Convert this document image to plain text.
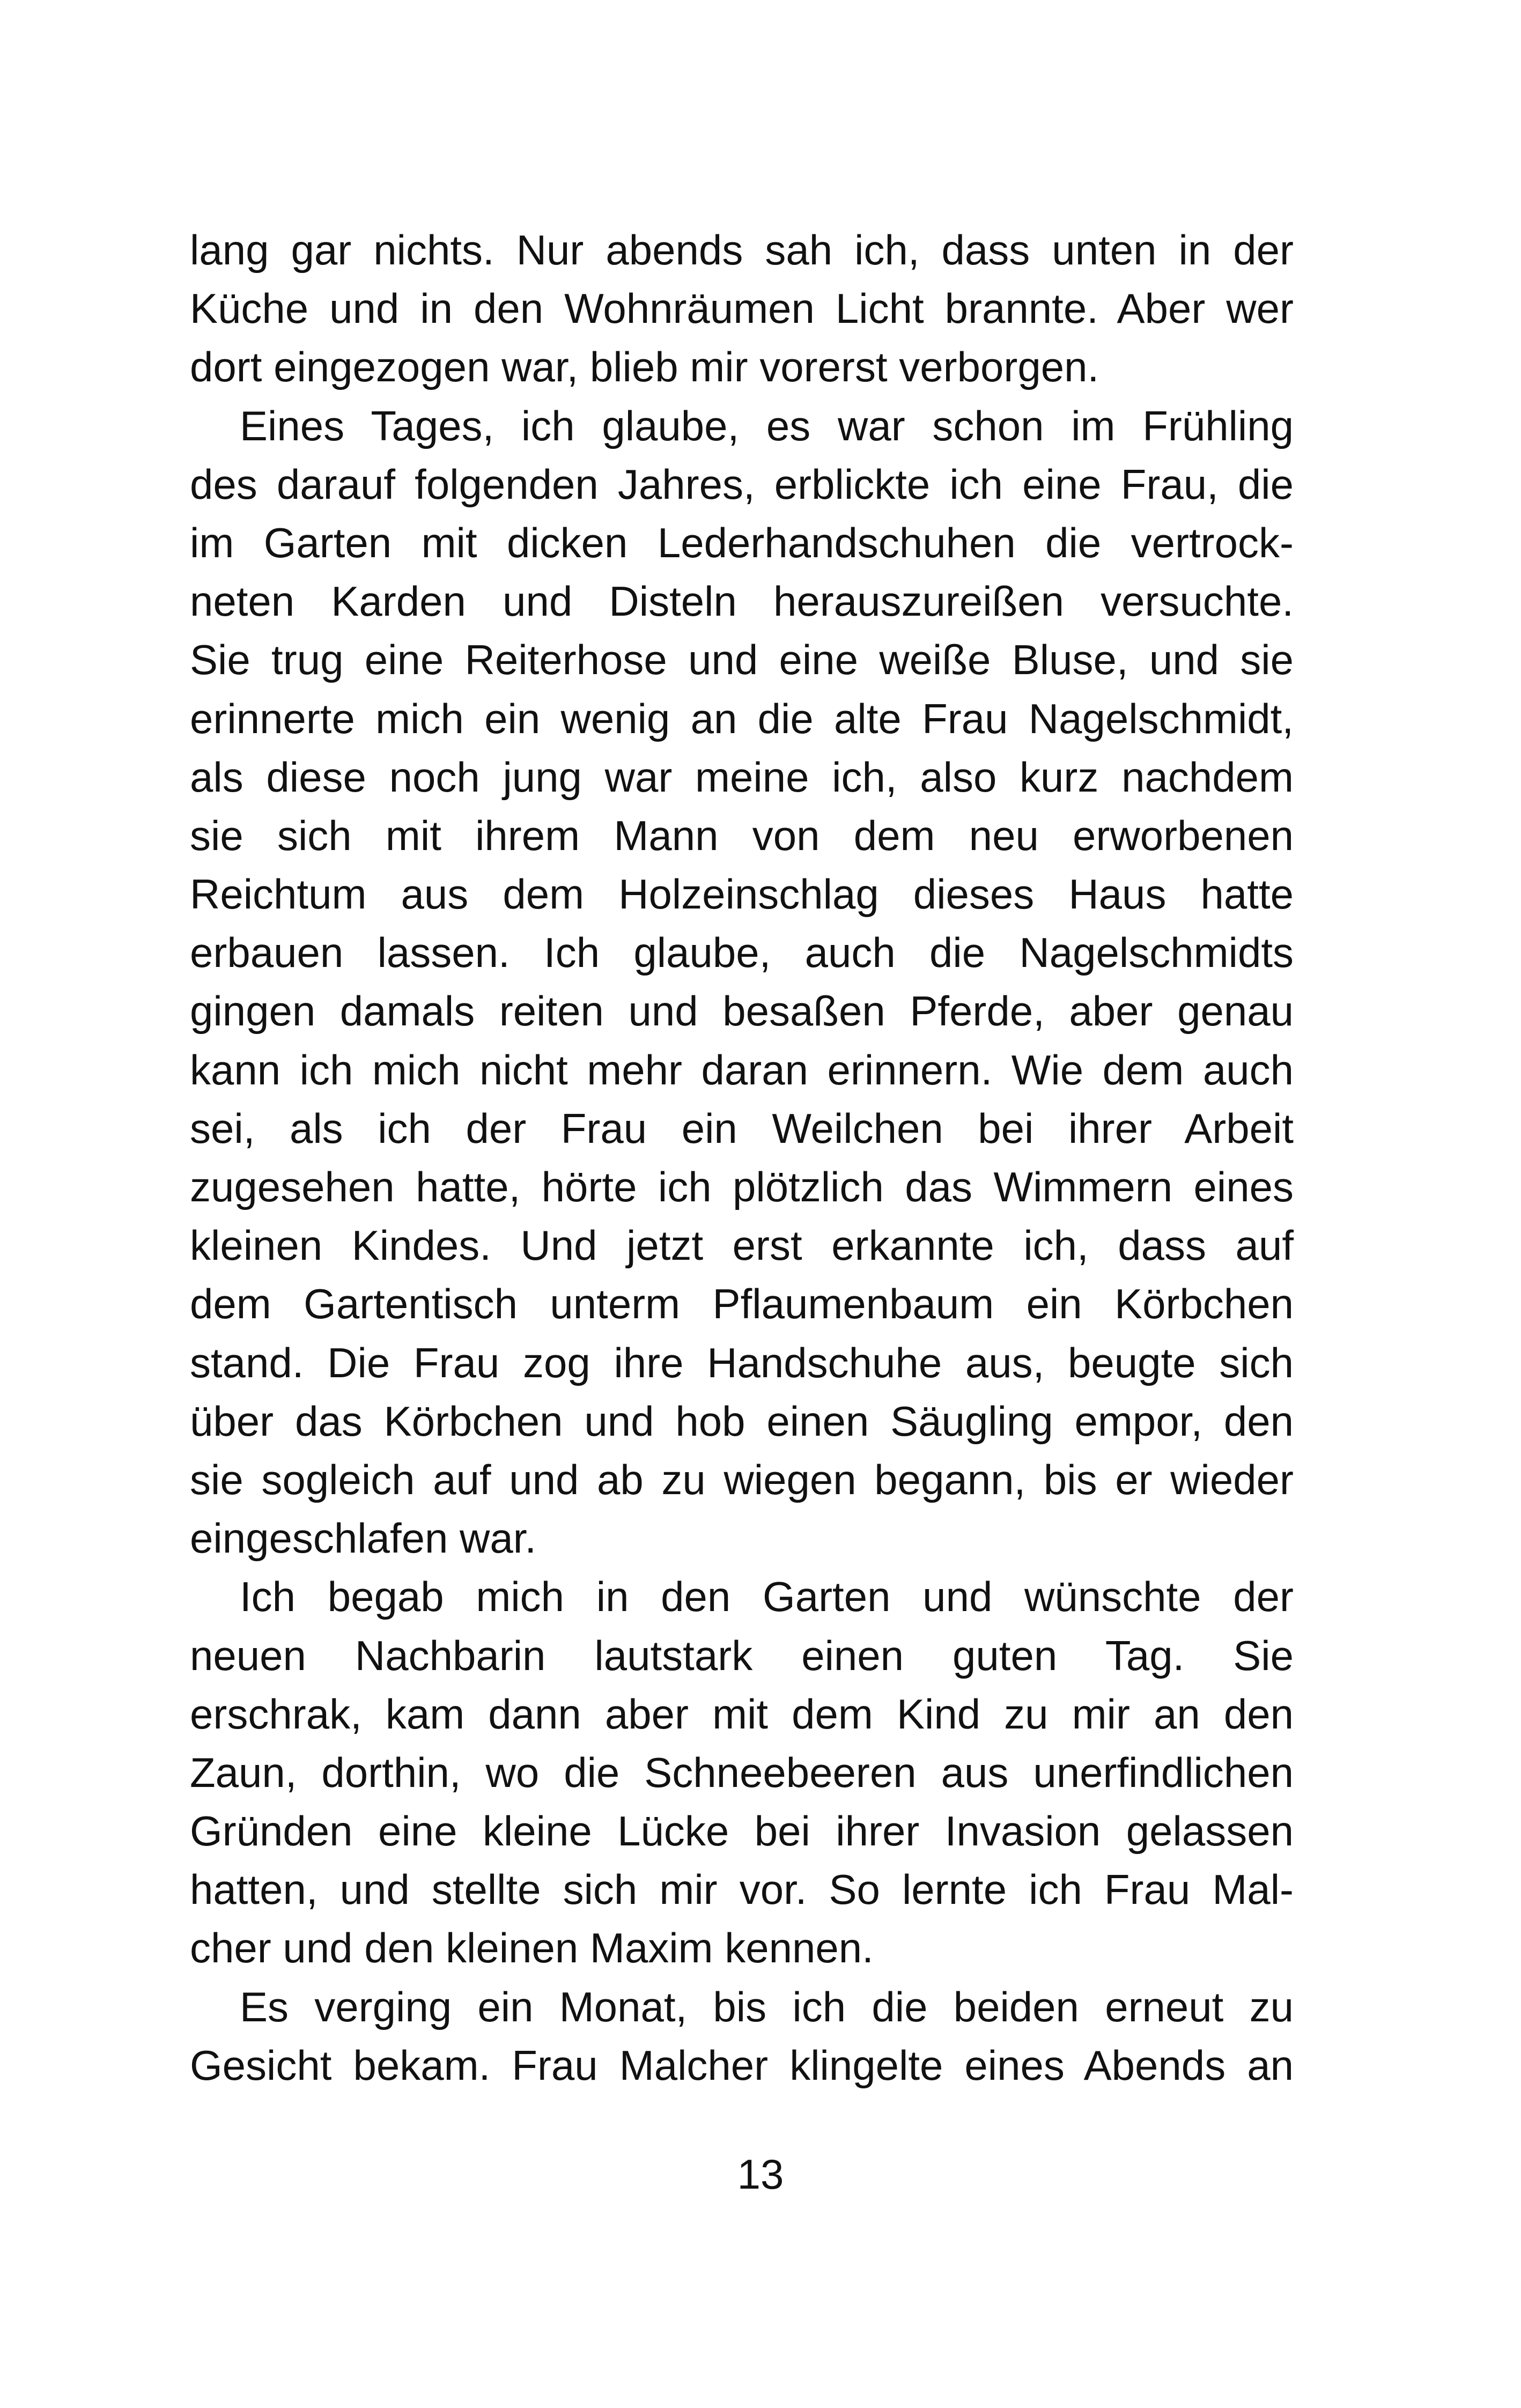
lang gar nichts. Nur abends sah ich, dass unten in der
Küche und in den Wohnräumen Licht brannte. Aber wer
dort eingezogen war, blieb mir vorerst verborgen.
Eines Tages, ich glaube, es war schon im Frühling
des darauf folgenden Jahres, erblickte ich eine Frau, die
im Garten mit dicken Lederhandschuhen die vertrock-
neten Karden und Disteln herauszureißen versuchte.
Sie trug eine Reiterhose und eine weiße Bluse, und sie
erinnerte mich ein wenig an die alte Frau Nagelschmidt,
als diese noch jung war meine ich, also kurz nachdem
sie sich mit ihrem Mann von dem neu erworbenen
Reichtum aus dem Holzeinschlag dieses Haus hatte
erbauen lassen. Ich glaube, auch die Nagelschmidts
gingen damals reiten und besaßen Pferde, aber genau
kann ich mich nicht mehr daran erinnern. Wie dem auch
sei, als ich der Frau ein Weilchen bei ihrer Arbeit
zugesehen hatte, hörte ich plötzlich das Wimmern eines
kleinen Kindes. Und jetzt erst erkannte ich, dass auf
dem Gartentisch unterm Pflaumenbaum ein Körbchen
stand. Die Frau zog ihre Handschuhe aus, beugte sich
über das Körbchen und hob einen Säugling empor, den
sie sogleich auf und ab zu wiegen begann, bis er wieder
eingeschlafen war.
Ich begab mich in den Garten und wünschte der
neuen Nachbarin lautstark einen guten Tag. Sie
erschrak, kam dann aber mit dem Kind zu mir an den
Zaun, dorthin, wo die Schneebeeren aus unerfindlichen
Gründen eine kleine Lücke bei ihrer Invasion gelassen
hatten, und stellte sich mir vor. So lernte ich Frau Mal-
cher und den kleinen Maxim kennen.
Es verging ein Monat, bis ich die beiden erneut zu
Gesicht bekam. Frau Malcher klingelte eines Abends an
13
